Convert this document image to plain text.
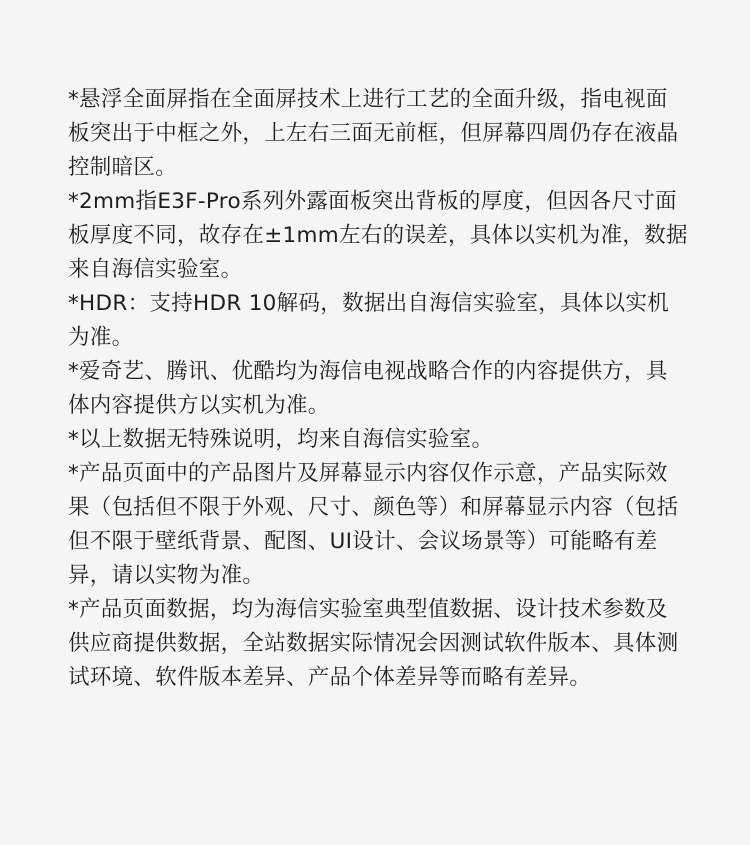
*悬浮全面屏指在全面屏技术上进行工艺的全面升级，指电视面板突出于中框之外，上左右三面无前框，但屏幕四周仍存在液晶控制暗区。
*2mm指E3F-Pro系列外露面板突出背板的厚度，但因各尺寸面板厚度不同，故存在±1mm左右的误差，具体以实机为准，数据来自海信实验室。
*HDR：支持HDR 10解码，数据出自海信实验室，具体以实机为准。
*爱奇艺、腾讯、优酷均为海信电视战略合作的内容提供方，具体内容提供方以实机为准。
*以上数据无特殊说明，均来自海信实验室。
*产品页面中的产品图片及屏幕显示内容仅作示意，产品实际效果（包括但不限于外观、尺寸、颜色等）和屏幕显示内容（包括但不限于壁纸背景、配图、UI设计、会议场景等）可能略有差异，请以实物为准。
*产品页面数据，均为海信实验室典型值数据、设计技术参数及供应商提供数据，全站数据实际情况会因测试软件版本、具体测试环境、软件版本差异、产品个体差异等而略有差异。
